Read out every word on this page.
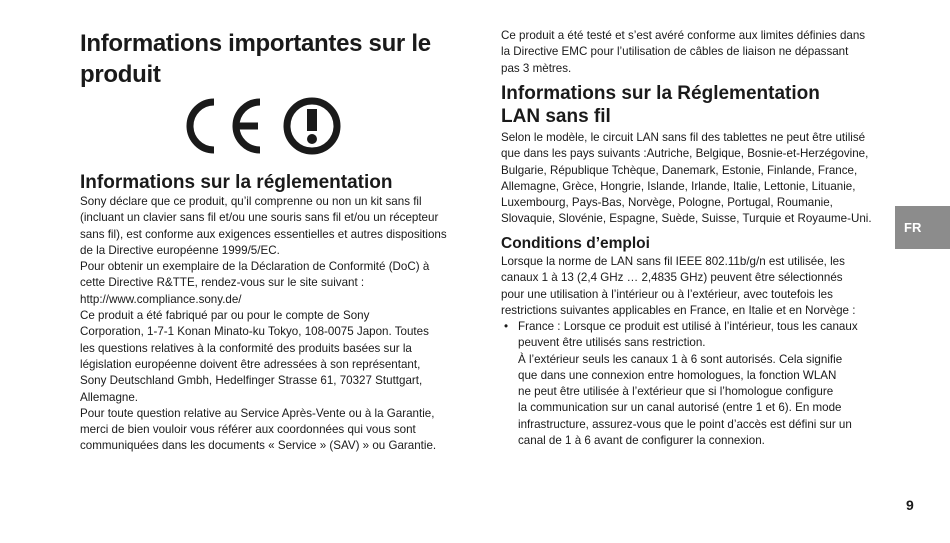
Informations importantes sur le
produit
Informations sur la réglementation
Sony déclare que ce produit, qu’il comprenne ou non un kit sans fil
(incluant un clavier sans fil et/ou une souris sans fil et/ou un récepteur
sans fil), est conforme aux exigences essentielles et autres dispositions
de la Directive européenne 1999/5/EC.
Pour obtenir un exemplaire de la Déclaration de Conformité (DoC) à
cette Directive R&TTE, rendez-vous sur le site suivant :
http://www.compliance.sony.de/
Ce produit a été fabriqué par ou pour le compte de Sony
Corporation, 1-7-1 Konan Minato-ku Tokyo, 108-0075 Japon. Toutes
les questions relatives à la conformité des produits basées sur la
législation européenne doivent être adressées à son représentant,
Sony Deutschland Gmbh, Hedelfinger Strasse 61, 70327 Stuttgart,
Allemagne.
Pour toute question relative au Service Après-Vente ou à la Garantie,
merci de bien vouloir vous référer aux coordonnées qui vous sont
communiquées dans les documents « Service » (SAV) » ou Garantie.
Ce produit a été testé et s’est avéré conforme aux limites définies dans
la Directive EMC pour l’utilisation de câbles de liaison ne dépassant
pas 3 mètres.
Informations sur la Réglementation
LAN sans fil
Selon le modèle, le circuit LAN sans fil des tablettes ne peut être utilisé
que dans les pays suivants :Autriche, Belgique, Bosnie-et-Herzégovine,
Bulgarie, République Tchèque, Danemark, Estonie, Finlande, France,
Allemagne, Grèce, Hongrie, Islande, Irlande, Italie, Lettonie, Lituanie,
Luxembourg, Pays-Bas, Norvège, Pologne, Portugal, Roumanie,
Slovaquie, Slovénie, Espagne, Suède, Suisse, Turquie et Royaume-Uni.
Conditions d’emploi
Lorsque la norme de LAN sans fil IEEE 802.11b/g/n est utilisée, les
canaux 1 à 13 (2,4 GHz … 2,4835 GHz) peuvent être sélectionnés
pour une utilisation à l’intérieur ou à l’extérieur, avec toutefois les
restrictions suivantes applicables en France, en Italie et en Norvège :
• France : Lorsque ce produit est utilisé à l’intérieur, tous les canaux
peuvent être utilisés sans restriction.
À l’extérieur seuls les canaux 1 à 6 sont autorisés. Cela signifie
que dans une connexion entre homologues, la fonction WLAN
ne peut être utilisée à l’extérieur que si l’homologue configure
la communication sur un canal autorisé (entre 1 et 6). En mode
infrastructure, assurez-vous que le point d’accès est défini sur un
canal de 1 à 6 avant de configurer la connexion.
FR
9
